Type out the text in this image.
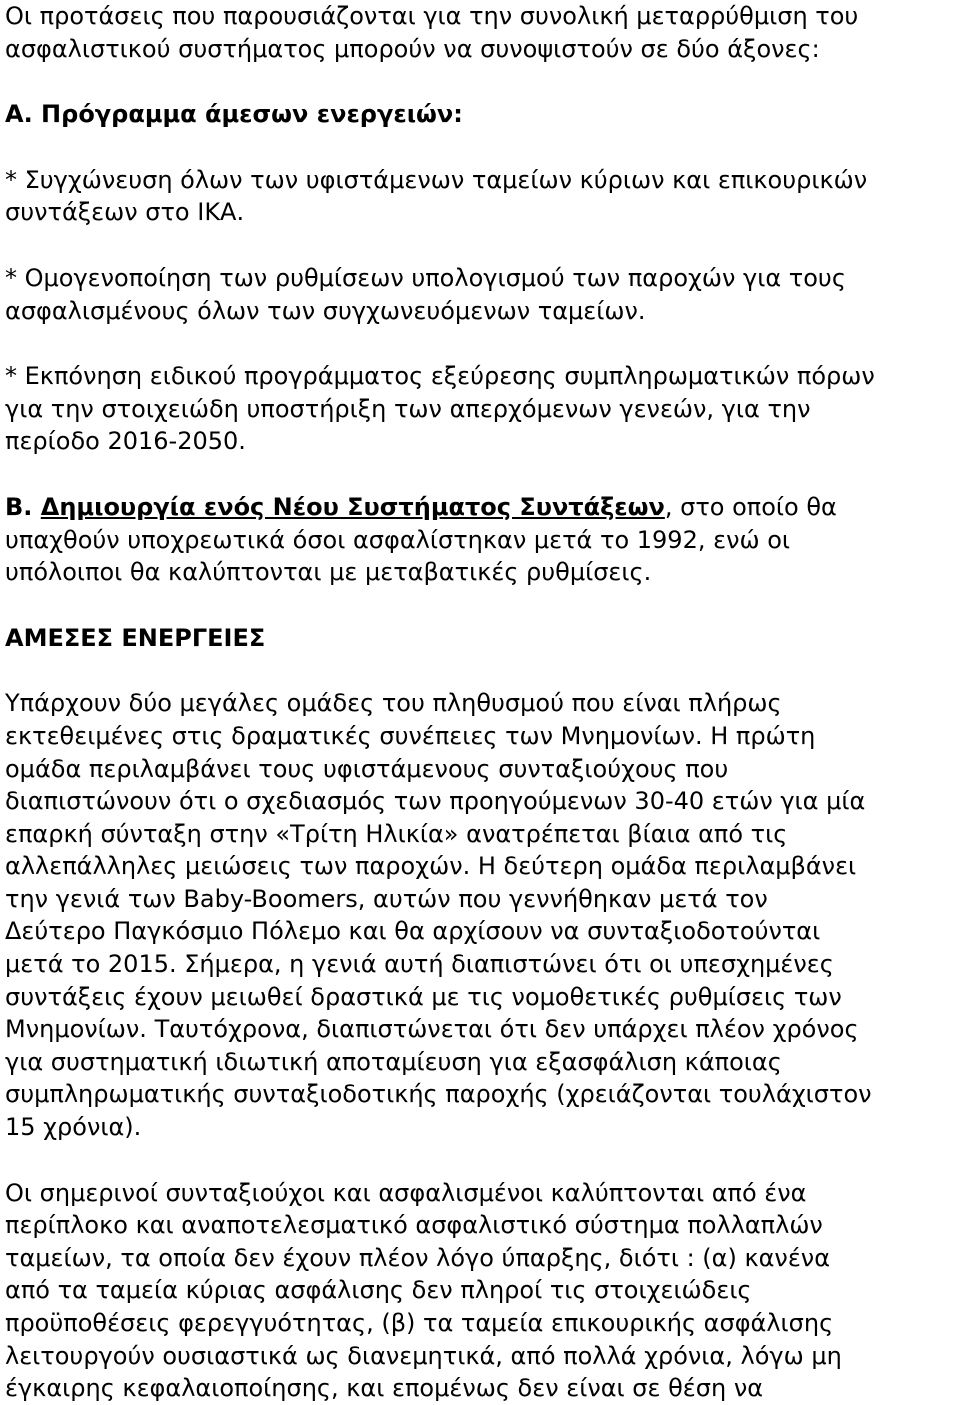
Οι προτάσεις που παρουσιάζονται για την συνολική μεταρρύθμιση του
ασφαλιστικού συστήματος μπορούν να συνοψιστούν σε δύο άξονες:

Α. Πρόγραμμα άμεσων ενεργειών:

* Συγχώνευση όλων των υφιστάμενων ταμείων κύριων και επικουρικών
συντάξεων στο ΙΚΑ.

* Ομογενοποίηση των ρυθμίσεων υπολογισμού των παροχών για τους
ασφαλισμένους όλων των συγχωνευόμενων ταμείων.

* Εκπόνηση ειδικού προγράμματος εξεύρεσης συμπληρωματικών πόρων
για την στοιχειώδη υποστήριξη των απερχόμενων γενεών, για την
περίοδο 2016-2050.

Β. Δημιουργία ενός Νέου Συστήματος Συντάξεων, στο οποίο θα
υπαχθούν υποχρεωτικά όσοι ασφαλίστηκαν μετά το 1992, ενώ οι
υπόλοιποι θα καλύπτονται με μεταβατικές ρυθμίσεις.

ΑΜΕΣΕΣ ΕΝΕΡΓΕΙΕΣ

Υπάρχουν δύο μεγάλες ομάδες του πληθυσμού που είναι πλήρως
εκτεθειμένες στις δραματικές συνέπειες των Μνημονίων. Η πρώτη
ομάδα περιλαμβάνει τους υφιστάμενους συνταξιούχους που
διαπιστώνουν ότι ο σχεδιασμός των προηγούμενων 30-40 ετών για μία
επαρκή σύνταξη στην «Τρίτη Ηλικία» ανατρέπεται βίαια από τις
αλλεπάλληλες μειώσεις των παροχών. Η δεύτερη ομάδα περιλαμβάνει
την γενιά των Baby-Boomers, αυτών που γεννήθηκαν μετά τον
Δεύτερο Παγκόσμιο Πόλεμο και θα αρχίσουν να συνταξιοδοτούνται
μετά το 2015. Σήμερα, η γενιά αυτή διαπιστώνει ότι οι υπεσχημένες
συντάξεις έχουν μειωθεί δραστικά με τις νομοθετικές ρυθμίσεις των
Μνημονίων. Ταυτόχρονα, διαπιστώνεται ότι δεν υπάρχει πλέον χρόνος
για συστηματική ιδιωτική αποταμίευση για εξασφάλιση κάποιας
συμπληρωματικής συνταξιοδοτικής παροχής (χρειάζονται τουλάχιστον
15 χρόνια).

Οι σημερινοί συνταξιούχοι και ασφαλισμένοι καλύπτονται από ένα
περίπλοκο και αναποτελεσματικό ασφαλιστικό σύστημα πολλαπλών
ταμείων, τα οποία δεν έχουν πλέον λόγο ύπαρξης, διότι : (α) κανένα
από τα ταμεία κύριας ασφάλισης δεν πληροί τις στοιχειώδεις
προϋποθέσεις φερεγγυότητας, (β) τα ταμεία επικουρικής ασφάλισης
λειτουργούν ουσιαστικά ως διανεμητικά, από πολλά χρόνια, λόγω μη
έγκαιρης κεφαλαιοποίησης, και επομένως δεν είναι σε θέση να
